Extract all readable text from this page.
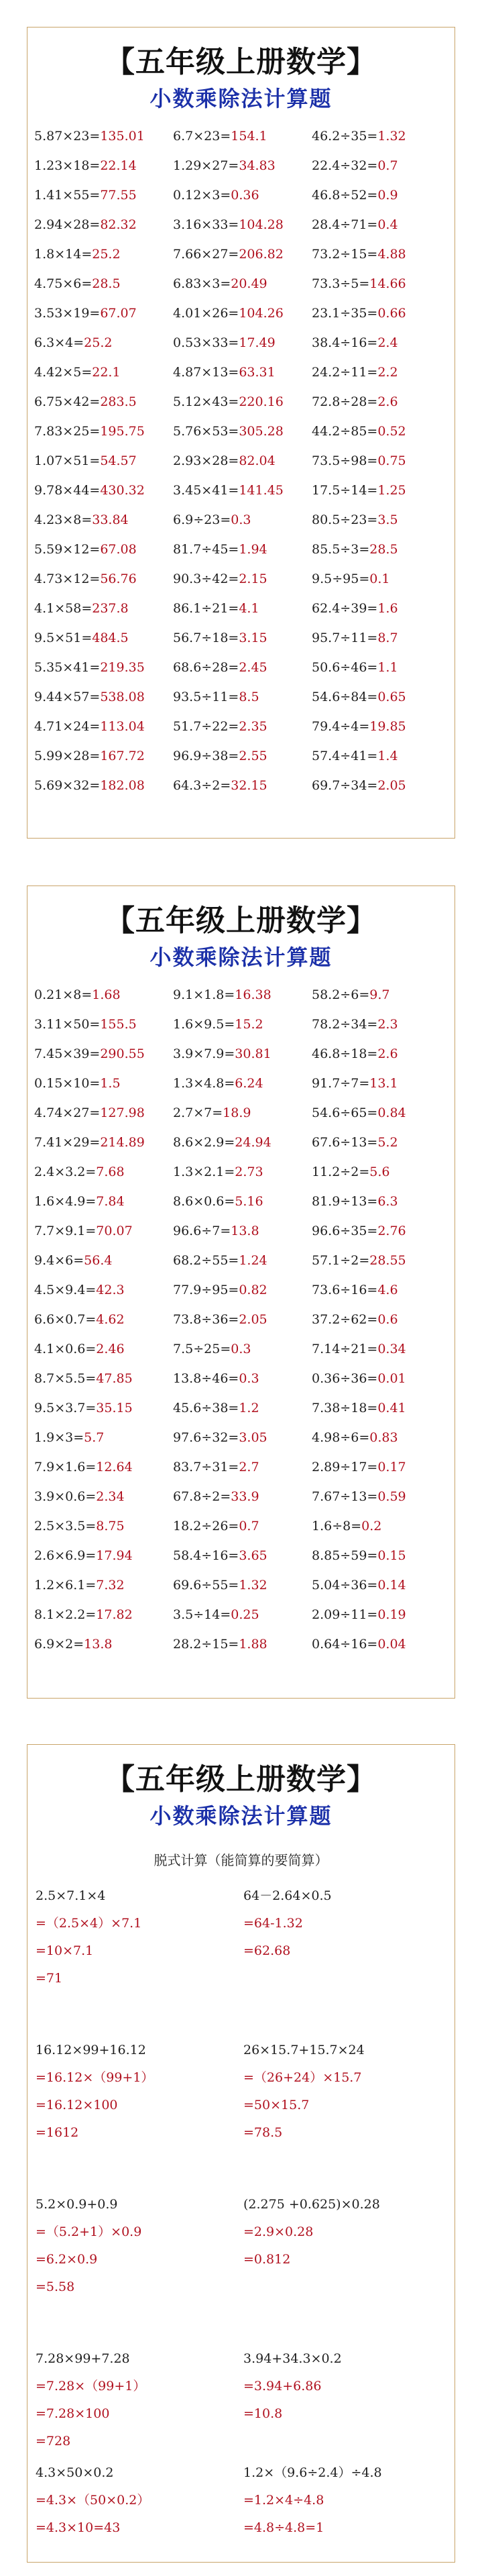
【五年级上册数学】
小数乘除法计算题
5.87×23=135.01	6.7×23=154.1	46.2÷35=1.32
1.23×18=22.14	1.29×27=34.83	22.4÷32=0.7
1.41×55=77.55	0.12×3=0.36	46.8÷52=0.9
2.94×28=82.32	3.16×33=104.28	28.4÷71=0.4
1.8×14=25.2	7.66×27=206.82	73.2÷15=4.88
4.75×6=28.5	6.83×3=20.49	73.3÷5=14.66
3.53×19=67.07	4.01×26=104.26	23.1÷35=0.66
6.3×4=25.2	0.53×33=17.49	38.4÷16=2.4
4.42×5=22.1	4.87×13=63.31	24.2÷11=2.2
6.75×42=283.5	5.12×43=220.16	72.8÷28=2.6
7.83×25=195.75	5.76×53=305.28	44.2÷85=0.52
1.07×51=54.57	2.93×28=82.04	73.5÷98=0.75
9.78×44=430.32	3.45×41=141.45	17.5÷14=1.25
4.23×8=33.84	6.9÷23=0.3	80.5÷23=3.5
5.59×12=67.08	81.7÷45=1.94	85.5÷3=28.5
4.73×12=56.76	90.3÷42=2.15	9.5÷95=0.1
4.1×58=237.8	86.1÷21=4.1	62.4÷39=1.6
9.5×51=484.5	56.7÷18=3.15	95.7÷11=8.7
5.35×41=219.35	68.6÷28=2.45	50.6÷46=1.1
9.44×57=538.08	93.5÷11=8.5	54.6÷84=0.65
4.71×24=113.04	51.7÷22=2.35	79.4÷4=19.85
5.99×28=167.72	96.9÷38=2.55	57.4÷41=1.4
5.69×32=182.08	64.3÷2=32.15	69.7÷34=2.05
【五年级上册数学】
小数乘除法计算题
0.21×8=1.68	9.1×1.8=16.38	58.2÷6=9.7
3.11×50=155.5	1.6×9.5=15.2	78.2÷34=2.3
7.45×39=290.55	3.9×7.9=30.81	46.8÷18=2.6
0.15×10=1.5	1.3×4.8=6.24	91.7÷7=13.1
4.74×27=127.98	2.7×7=18.9	54.6÷65=0.84
7.41×29=214.89	8.6×2.9=24.94	67.6÷13=5.2
2.4×3.2=7.68	1.3×2.1=2.73	11.2÷2=5.6
1.6×4.9=7.84	8.6×0.6=5.16	81.9÷13=6.3
7.7×9.1=70.07	96.6÷7=13.8	96.6÷35=2.76
9.4×6=56.4	68.2÷55=1.24	57.1÷2=28.55
4.5×9.4=42.3	77.9÷95=0.82	73.6÷16=4.6
6.6×0.7=4.62	73.8÷36=2.05	37.2÷62=0.6
4.1×0.6=2.46	7.5÷25=0.3	7.14÷21=0.34
8.7×5.5=47.85	13.8÷46=0.3	0.36÷36=0.01
9.5×3.7=35.15	45.6÷38=1.2	7.38÷18=0.41
1.9×3=5.7	97.6÷32=3.05	4.98÷6=0.83
7.9×1.6=12.64	83.7÷31=2.7	2.89÷17=0.17
3.9×0.6=2.34	67.8÷2=33.9	7.67÷13=0.59
2.5×3.5=8.75	18.2÷26=0.7	1.6÷8=0.2
2.6×6.9=17.94	58.4÷16=3.65	8.85÷59=0.15
1.2×6.1=7.32	69.6÷55=1.32	5.04÷36=0.14
8.1×2.2=17.82	3.5÷14=0.25	2.09÷11=0.19
6.9×2=13.8	28.2÷15=1.88	0.64÷16=0.04
【五年级上册数学】
小数乘除法计算题
脱式计算（能简算的要简算）
2.5×7.1×4
=（2.5×4）×7.1
=10×7.1
=71
64－2.64×0.5
=64-1.32
=62.68
16.12×99+16.12
=16.12×（99+1）
=16.12×100
=1612
26×15.7+15.7×24
=（26+24）×15.7
=50×15.7
=78.5
5.2×0.9+0.9
=（5.2+1）×0.9
=6.2×0.9
=5.58
(2.275 +0.625)×0.28
=2.9×0.28
=0.812
7.28×99+7.28
=7.28×（99+1）
=7.28×100
=728
3.94+34.3×0.2
=3.94+6.86
=10.8
4.3×50×0.2
=4.3×（50×0.2）
=4.3×10=43
1.2×（9.6÷2.4）÷4.8
=1.2×4÷4.8
=4.8÷4.8=1
